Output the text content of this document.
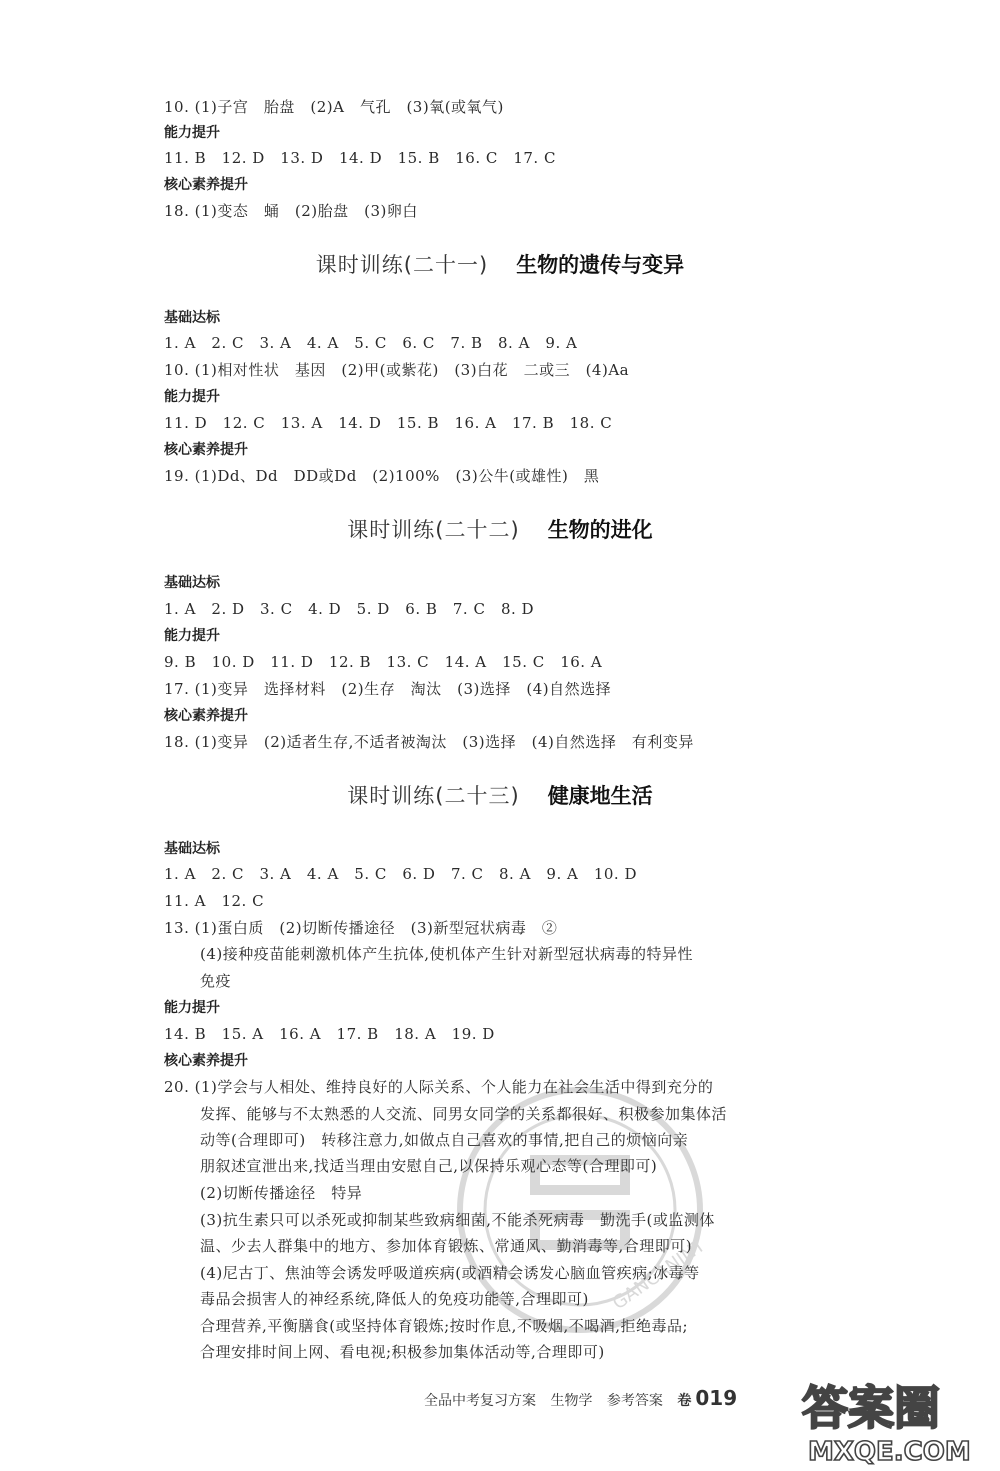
10. (1)子宫　胎盘　(2)A　气孔　(3)氧(或氧气)
能力提升
11. B　12. D　13. D　14. D　15. B　16. C　17. C
核心素养提升
18. (1)变态　蛹　(2)胎盘　(3)卵白
课时训练(二十一) 生物的遗传与变异
基础达标
1. A　2. C　3. A　4. A　5. C　6. C　7. B　8. A　9. A
10. (1)相对性状　基因　(2)甲(或紫花)　(3)白花　二或三　(4)Aa
能力提升
11. D　12. C　13. A　14. D　15. B　16. A　17. B　18. C
核心素养提升
19. (1)Dd、Dd　DD或Dd　(2)100%　(3)公牛(或雄性)　黑
课时训练(二十二) 生物的进化
基础达标
1. A　2. D　3. C　4. D　5. D　6. B　7. C　8. D
能力提升
9. B　10. D　11. D　12. B　13. C　14. A　15. C　16. A
17. (1)变异　选择材料　(2)生存　淘汰　(3)选择　(4)自然选择
核心素养提升
18. (1)变异　(2)适者生存,不适者被淘汰　(3)选择　(4)自然选择　有利变异
课时训练(二十三) 健康地生活
基础达标
1. A　2. C　3. A　4. A　5. C　6. D　7. C　8. A　9. A　10. D
11. A　12. C
13. (1)蛋白质　(2)切断传播途径　(3)新型冠状病毒　②
(4)接种疫苗能刺激机体产生抗体,使机体产生针对新型冠状病毒的特异性
免疫
能力提升
14. B　15. A　16. A　17. B　18. A　19. D
核心素养提升
20. (1)学会与人相处、维持良好的人际关系、个人能力在社会生活中得到充分的
发挥、能够与不太熟悉的人交流、同男女同学的关系都很好、积极参加集体活
动等(合理即可)　转移注意力,如做点自己喜欢的事情,把自己的烦恼向亲
朋叙述宣泄出来,找适当理由安慰自己,以保持乐观心态等(合理即可)
(2)切断传播途径　特异
(3)抗生素只可以杀死或抑制某些致病细菌,不能杀死病毒　勤洗手(或监测体
温、少去人群集中的地方、参加体育锻炼、常通风、勤消毒等,合理即可)
(4)尼古丁、焦油等会诱发呼吸道疾病(或酒精会诱发心脑血管疾病;冰毒等
毒品会损害人的神经系统,降低人的免疫功能等,合理即可)
合理营养,平衡膳食(或坚持体育锻炼;按时作息,不吸烟,不喝酒,拒绝毒品;
合理安排时间上网、看电视;积极参加集体活动等,合理即可)
GANCANINT
全品中考复习方案 生物学 参考答案 卷 019 答案圈
MXQE.COM
